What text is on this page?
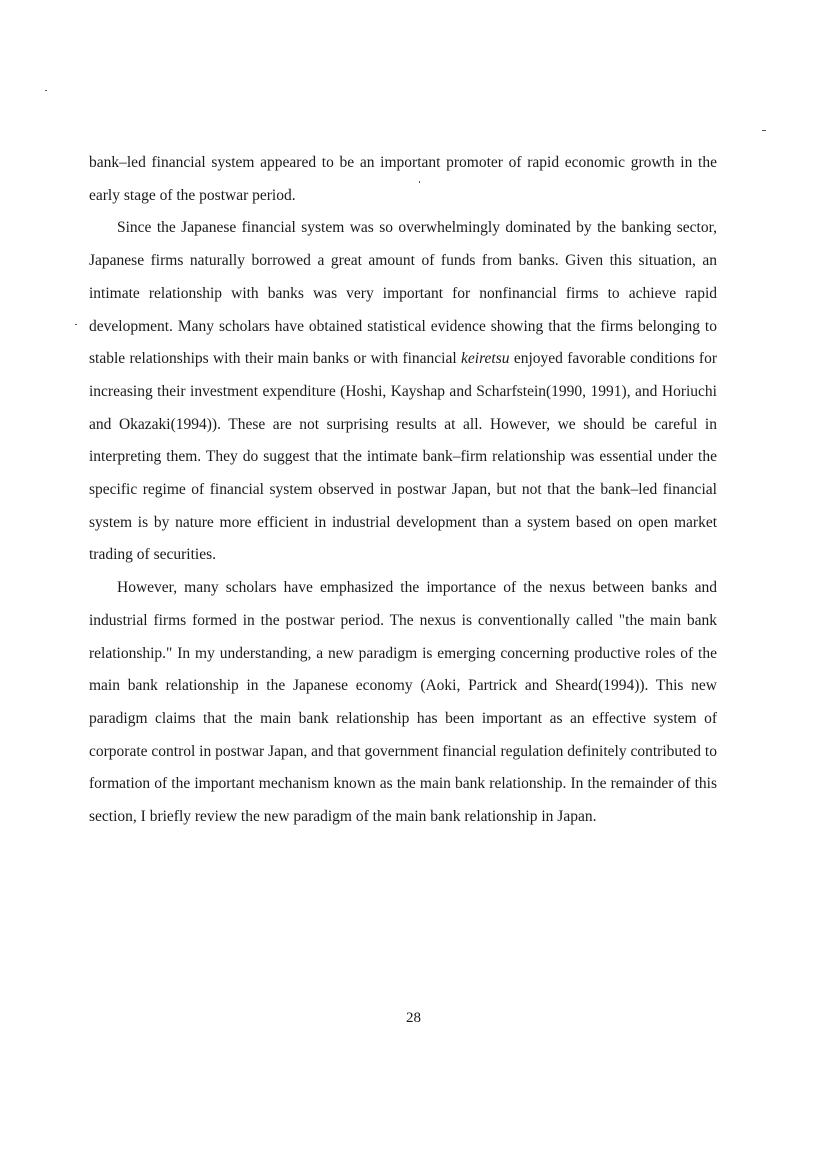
bank–led financial system appeared to be an important promoter of rapid economic growth in the early stage of the postwar period.

Since the Japanese financial system was so overwhelmingly dominated by the banking sector, Japanese firms naturally borrowed a great amount of funds from banks. Given this situation, an intimate relationship with banks was very important for nonfinancial firms to achieve rapid development. Many scholars have obtained statistical evidence showing that the firms belonging to stable relationships with their main banks or with financial keiretsu enjoyed favorable conditions for increasing their investment expenditure (Hoshi, Kayshap and Scharfstein(1990, 1991), and Horiuchi and Okazaki(1994)). These are not surprising results at all. However, we should be careful in interpreting them. They do suggest that the intimate bank–firm relationship was essential under the specific regime of financial system observed in postwar Japan, but not that the bank–led financial system is by nature more efficient in industrial development than a system based on open market trading of securities.

However, many scholars have emphasized the importance of the nexus between banks and industrial firms formed in the postwar period. The nexus is conventionally called "the main bank relationship." In my understanding, a new paradigm is emerging concerning productive roles of the main bank relationship in the Japanese economy (Aoki, Partrick and Sheard(1994)). This new paradigm claims that the main bank relationship has been important as an effective system of corporate control in postwar Japan, and that government financial regulation definitely contributed to formation of the important mechanism known as the main bank relationship. In the remainder of this section, I briefly review the new paradigm of the main bank relationship in Japan.

28
